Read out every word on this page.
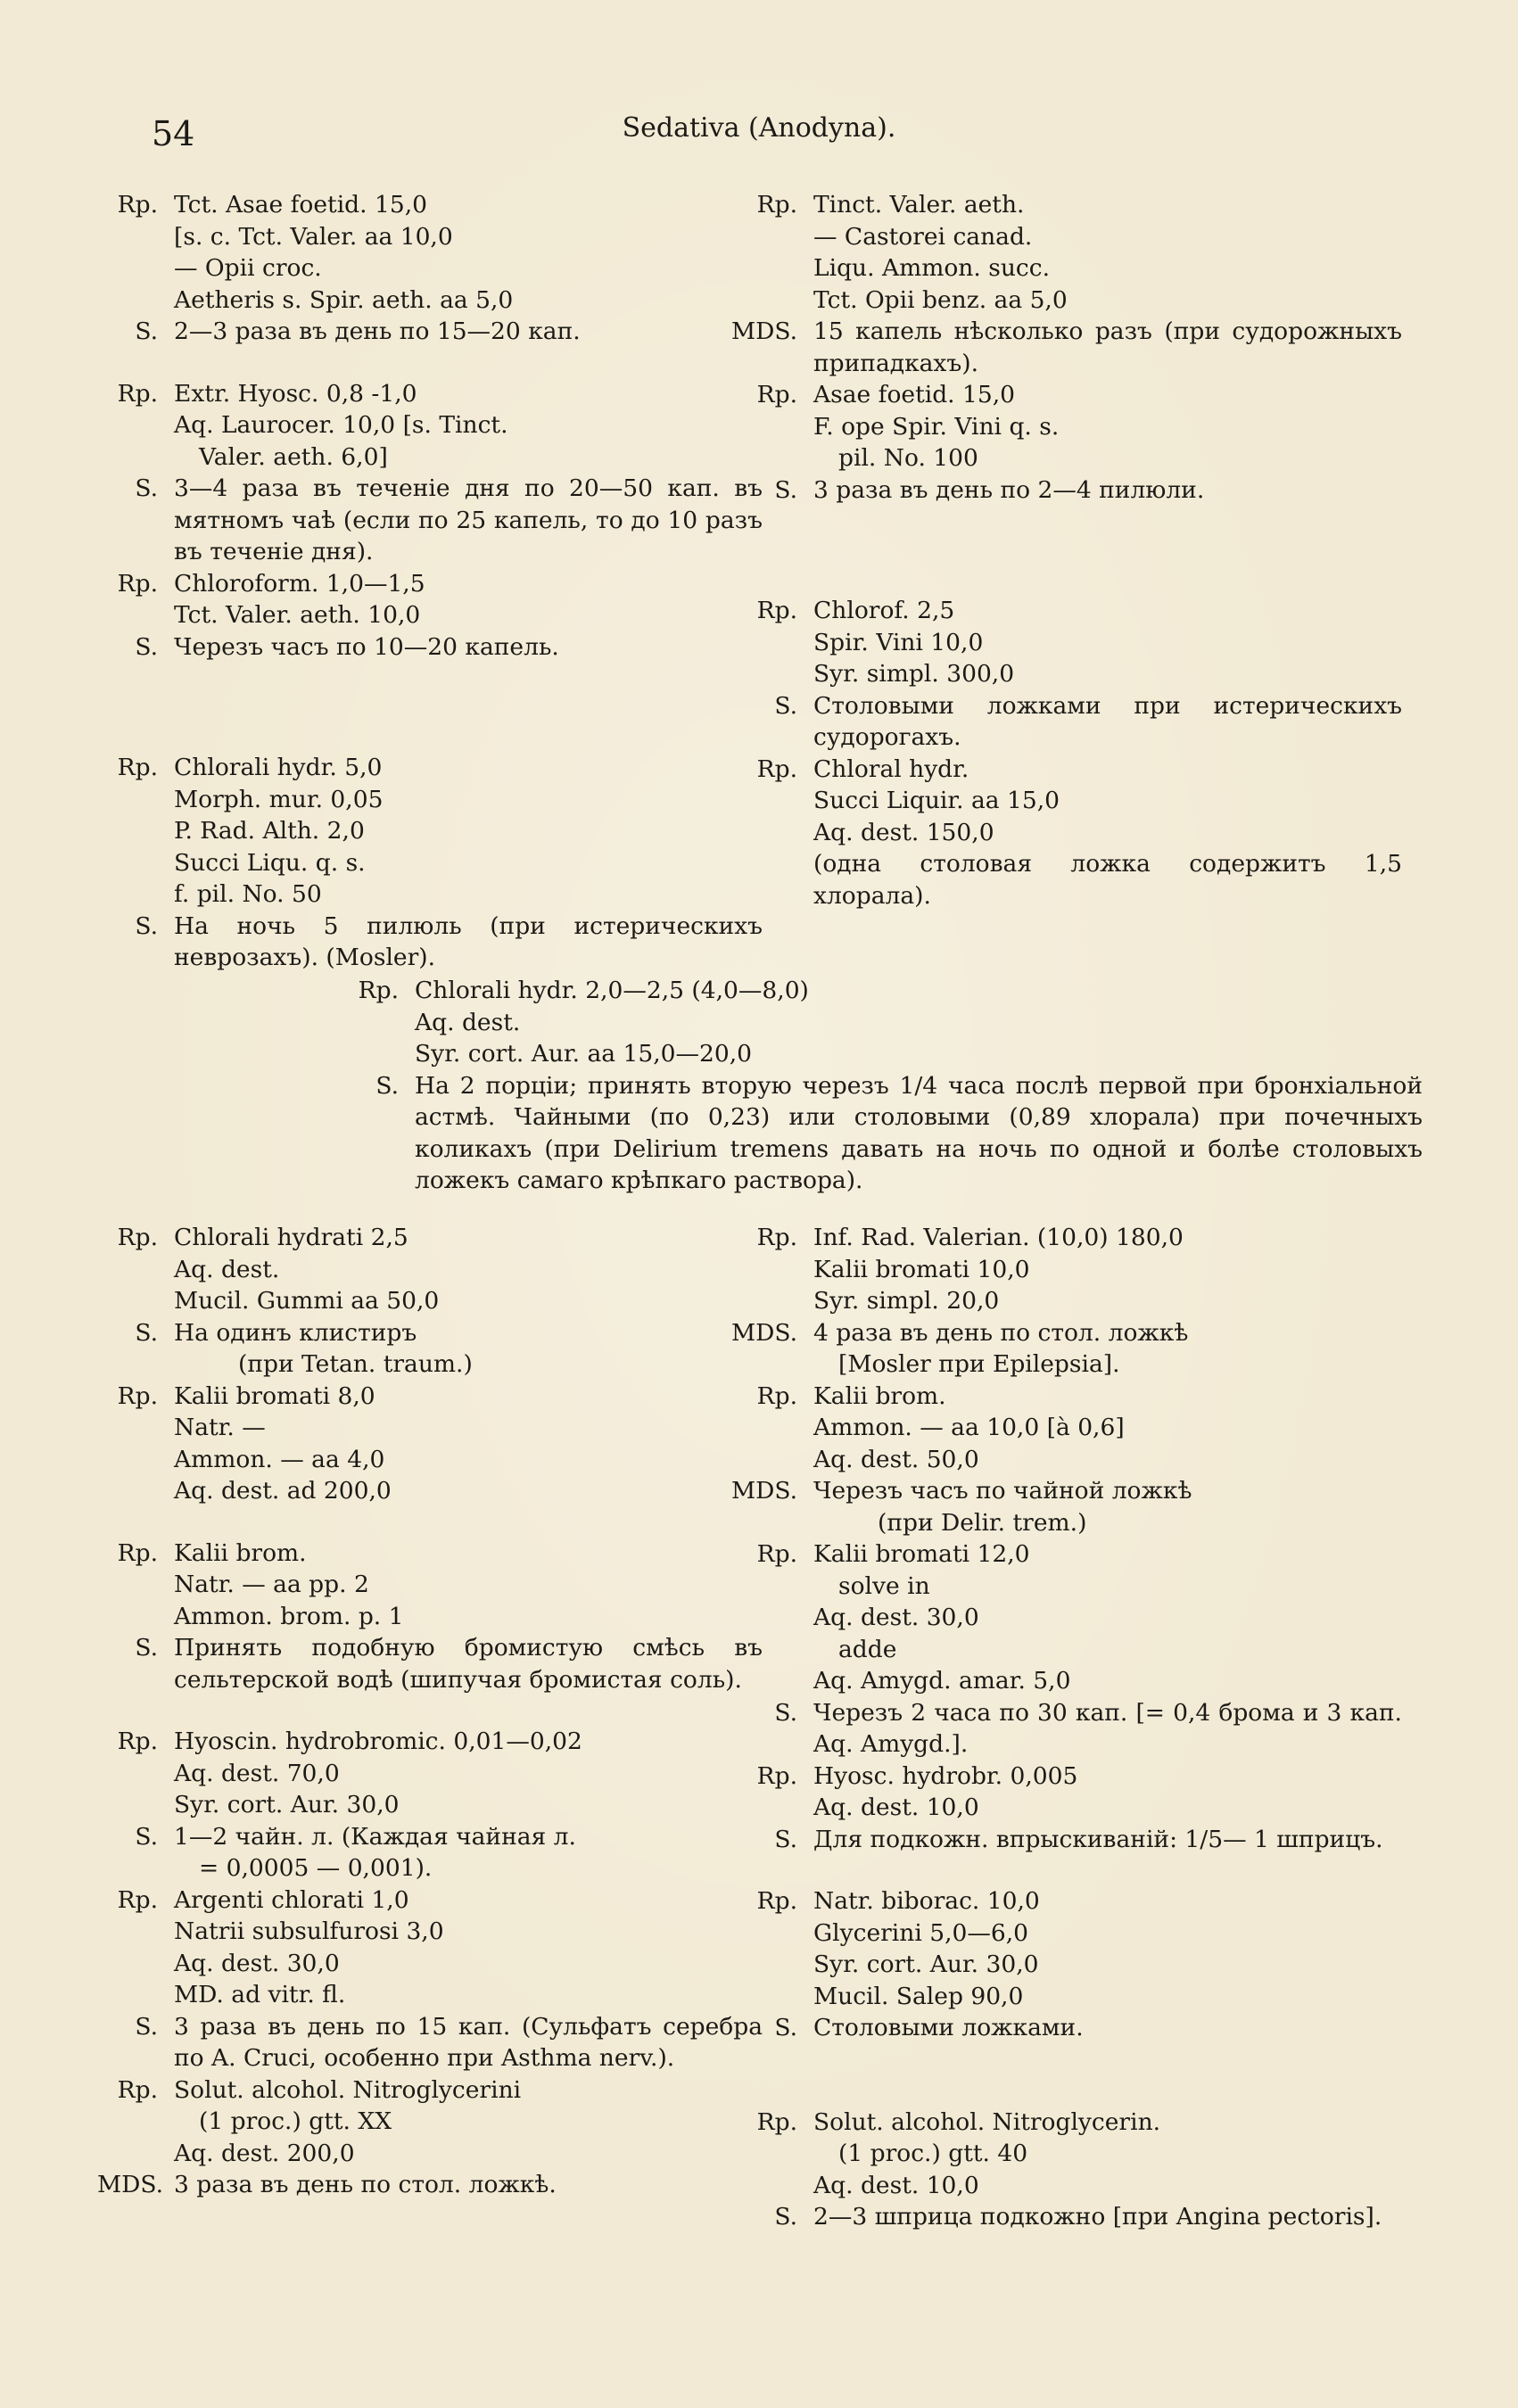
54	Sedativa (Anodyna).
Rp. Tct. Asae foetid. 15,0
[s. c. Tct. Valer. aa 10,0
— Opii croc.
Aetheris s. Spir. aeth. aa 5,0
S. 2—3 раза въ день по 15—20 кап.
Rp. Extr. Hyosc. 0,8 -1,0
Aq. Laurocer. 10,0 [s. Tinct.
Valer. aeth. 6,0]
S. 3—4 раза въ теченіе дня по 20—50 кап. въ мятномъ чаѣ (если по 25 капель, то до 10 разъ въ теченіе дня).
Rp. Chloroform. 1,0—1,5
Tct. Valer. aeth. 10,0
S. Черезъ часъ по 10—20 капель.
Rp. Chlorali hydr. 5,0
Morph. mur. 0,05
P. Rad. Alth. 2,0
Succi Liqu. q. s.
f. pil. No. 50
S. На ночь 5 пилюль (при истерическихъ неврозахъ). (Mosler).
Rp. Tinct. Valer. aeth.
— Castorei canad.
Liqu. Ammon. succ.
Tct. Opii benz. aa 5,0
MDS. 15 капель нѣсколько разъ (при судорожныхъ припадкахъ).
Rp. Asae foetid. 15,0
F. ope Spir. Vini q. s.
pil. No. 100
S. 3 раза въ день по 2—4 пилюли.
Rp. Chlorof. 2,5
Spir. Vini 10,0
Syr. simpl. 300,0
S. Столовыми ложками при истерическихъ судорогахъ.
Rp. Chloral hydr.
Succi Liquir. aa 15,0
Aq. dest. 150,0
(одна столовая ложка содержитъ 1,5 хлорала).
Rp. Chlorali hydr. 2,0—2,5 (4,0—8,0)
Aq. dest.
Syr. cort. Aur. aa 15,0—20,0
S. На 2 порціи; принять вторую черезъ 1/4 часа послѣ первой при бронхіальной астмѣ. Чайными (по 0,23) или столовыми (0,89 хлорала) при почечныхъ коликахъ (при Delirium tremens давать на ночь по одной и болѣе столовыхъ ложекъ самаго крѣпкаго раствора).
Rp. Chlorali hydrati 2,5
Aq. dest.
Mucil. Gummi aa 50,0
S. На одинъ клистиръ
(при Tetan. traum.)
Rp. Kalii bromati 8,0
Natr. —
Ammon. — aa 4,0
Aq. dest. ad 200,0
Rp. Kalii brom.
Natr. — aa pp. 2
Ammon. brom. p. 1
S. Принять подобную бромистую смѣсь въ сельтерской водѣ (шипучая бромистая соль).
Rp. Hyoscin. hydrobromic. 0,01—0,02
Aq. dest. 70,0
Syr. cort. Aur. 30,0
S. 1—2 чайн. л. (Каждая чайная л.
= 0,0005 — 0,001).
Rp. Argenti chlorati 1,0
Natrii subsulfurosi 3,0
Aq. dest. 30,0
MD. ad vitr. fl.
S. 3 раза въ день по 15 кап. (Сульфатъ серебра по A. Cruci, особенно при Asthma nerv.).
Rp. Solut. alcohol. Nitroglycerini
(1 proc.) gtt. XX
Aq. dest. 200,0
MDS. 3 раза въ день по стол. ложкѣ.
Rp. Inf. Rad. Valerian. (10,0) 180,0
Kalii bromati 10,0
Syr. simpl. 20,0
MDS. 4 раза въ день по стол. ложкѣ
[Mosler при Epilepsia].
Rp. Kalii brom.
Ammon. — aa 10,0 [à 0,6]
Aq. dest. 50,0
MDS. Черезъ часъ по чайной ложкѣ
(при Delir. trem.)
Rp. Kalii bromati 12,0
solve in
Aq. dest. 30,0
adde
Aq. Amygd. amar. 5,0
S. Черезъ 2 часа по 30 кап. [= 0,4 брома и 3 кап. Aq. Amygd.].
Rp. Hyosc. hydrobr. 0,005
Aq. dest. 10,0
S. Для подкожн. впрыскиваній: 1/5— 1 шприцъ.
Rp. Natr. biborac. 10,0
Glycerini 5,0—6,0
Syr. cort. Aur. 30,0
Mucil. Salep 90,0
S. Столовыми ложками.
Rp. Solut. alcohol. Nitroglycerin.
(1 proc.) gtt. 40
Aq. dest. 10,0
S. 2—3 шприца подкожно [при Angina pectoris].
